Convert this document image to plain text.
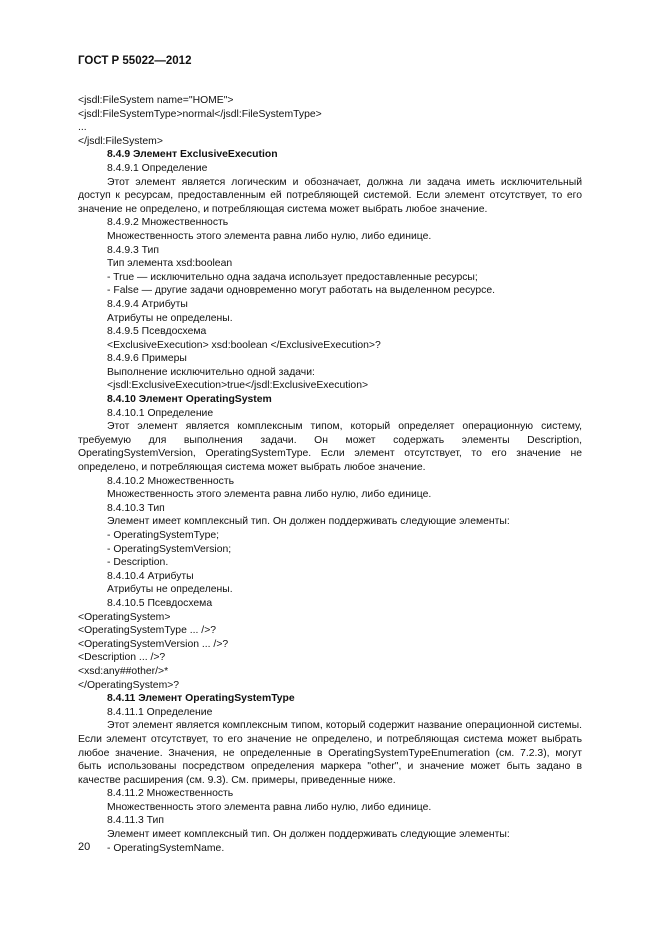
ГОСТ Р 55022—2012

<jsdl:FileSystem name="HOME">

<jsdl:FileSystemType>normal</jsdl:FileSystemType>

...

</jsdl:FileSystem>

8.4.9 Элемент ExclusiveExecution

8.4.9.1 Определение

Этот элемент является логическим и обозначает, должна ли задача иметь исключительный доступ к ресурсам, предоставленным ей потребляющей системой. Если элемент отсутствует, то его значение не определено, и потребляющая система может выбрать любое значение.

8.4.9.2 Множественность

Множественность этого элемента равна либо нулю, либо единице.

8.4.9.3 Тип

Тип элемента xsd:boolean

- True — исключительно одна задача использует предоставленные ресурсы;

- False — другие задачи одновременно могут работать на выделенном ресурсе.

8.4.9.4 Атрибуты

Атрибуты не определены.

8.4.9.5 Псевдосхема

<ExclusiveExecution> xsd:boolean </ExclusiveExecution>?

8.4.9.6 Примеры

Выполнение исключительно одной задачи:

<jsdl:ExclusiveExecution>true</jsdl:ExclusiveExecution>

8.4.10 Элемент OperatingSystem

8.4.10.1 Определение

Этот элемент является комплексным типом, который определяет операционную систему, требуемую для выполнения задачи. Он может содержать элементы Description, OperatingSystemVersion, OperatingSystemType. Если элемент отсутствует, то его значение не определено, и потребляющая система может выбрать любое значение.

8.4.10.2 Множественность

Множественность этого элемента равна либо нулю, либо единице.

8.4.10.3 Тип

Элемент имеет комплексный тип. Он должен поддерживать следующие элементы:

- OperatingSystemType;

- OperatingSystemVersion;

- Description.

8.4.10.4 Атрибуты

Атрибуты не определены.

8.4.10.5 Псевдосхема

<OperatingSystem>

<OperatingSystemType ... />?

<OperatingSystemVersion ... />?

<Description ... />?

<xsd:any##other/>*

</OperatingSystem>?

8.4.11 Элемент OperatingSystemType

8.4.11.1 Определение

Этот элемент является комплексным типом, который содержит название операционной системы. Если элемент отсутствует, то его значение не определено, и потребляющая система может выбрать любое значение. Значения, не определенные в OperatingSystemTypeEnumeration (см. 7.2.3), могут быть использованы посредством определения маркера "other", и значение может быть задано в качестве расширения (см. 9.3). См. примеры, приведенные ниже.

8.4.11.2 Множественность

Множественность этого элемента равна либо нулю, либо единице.

8.4.11.3 Тип

Элемент имеет комплексный тип. Он должен поддерживать следующие элементы:

- OperatingSystemName.

20
